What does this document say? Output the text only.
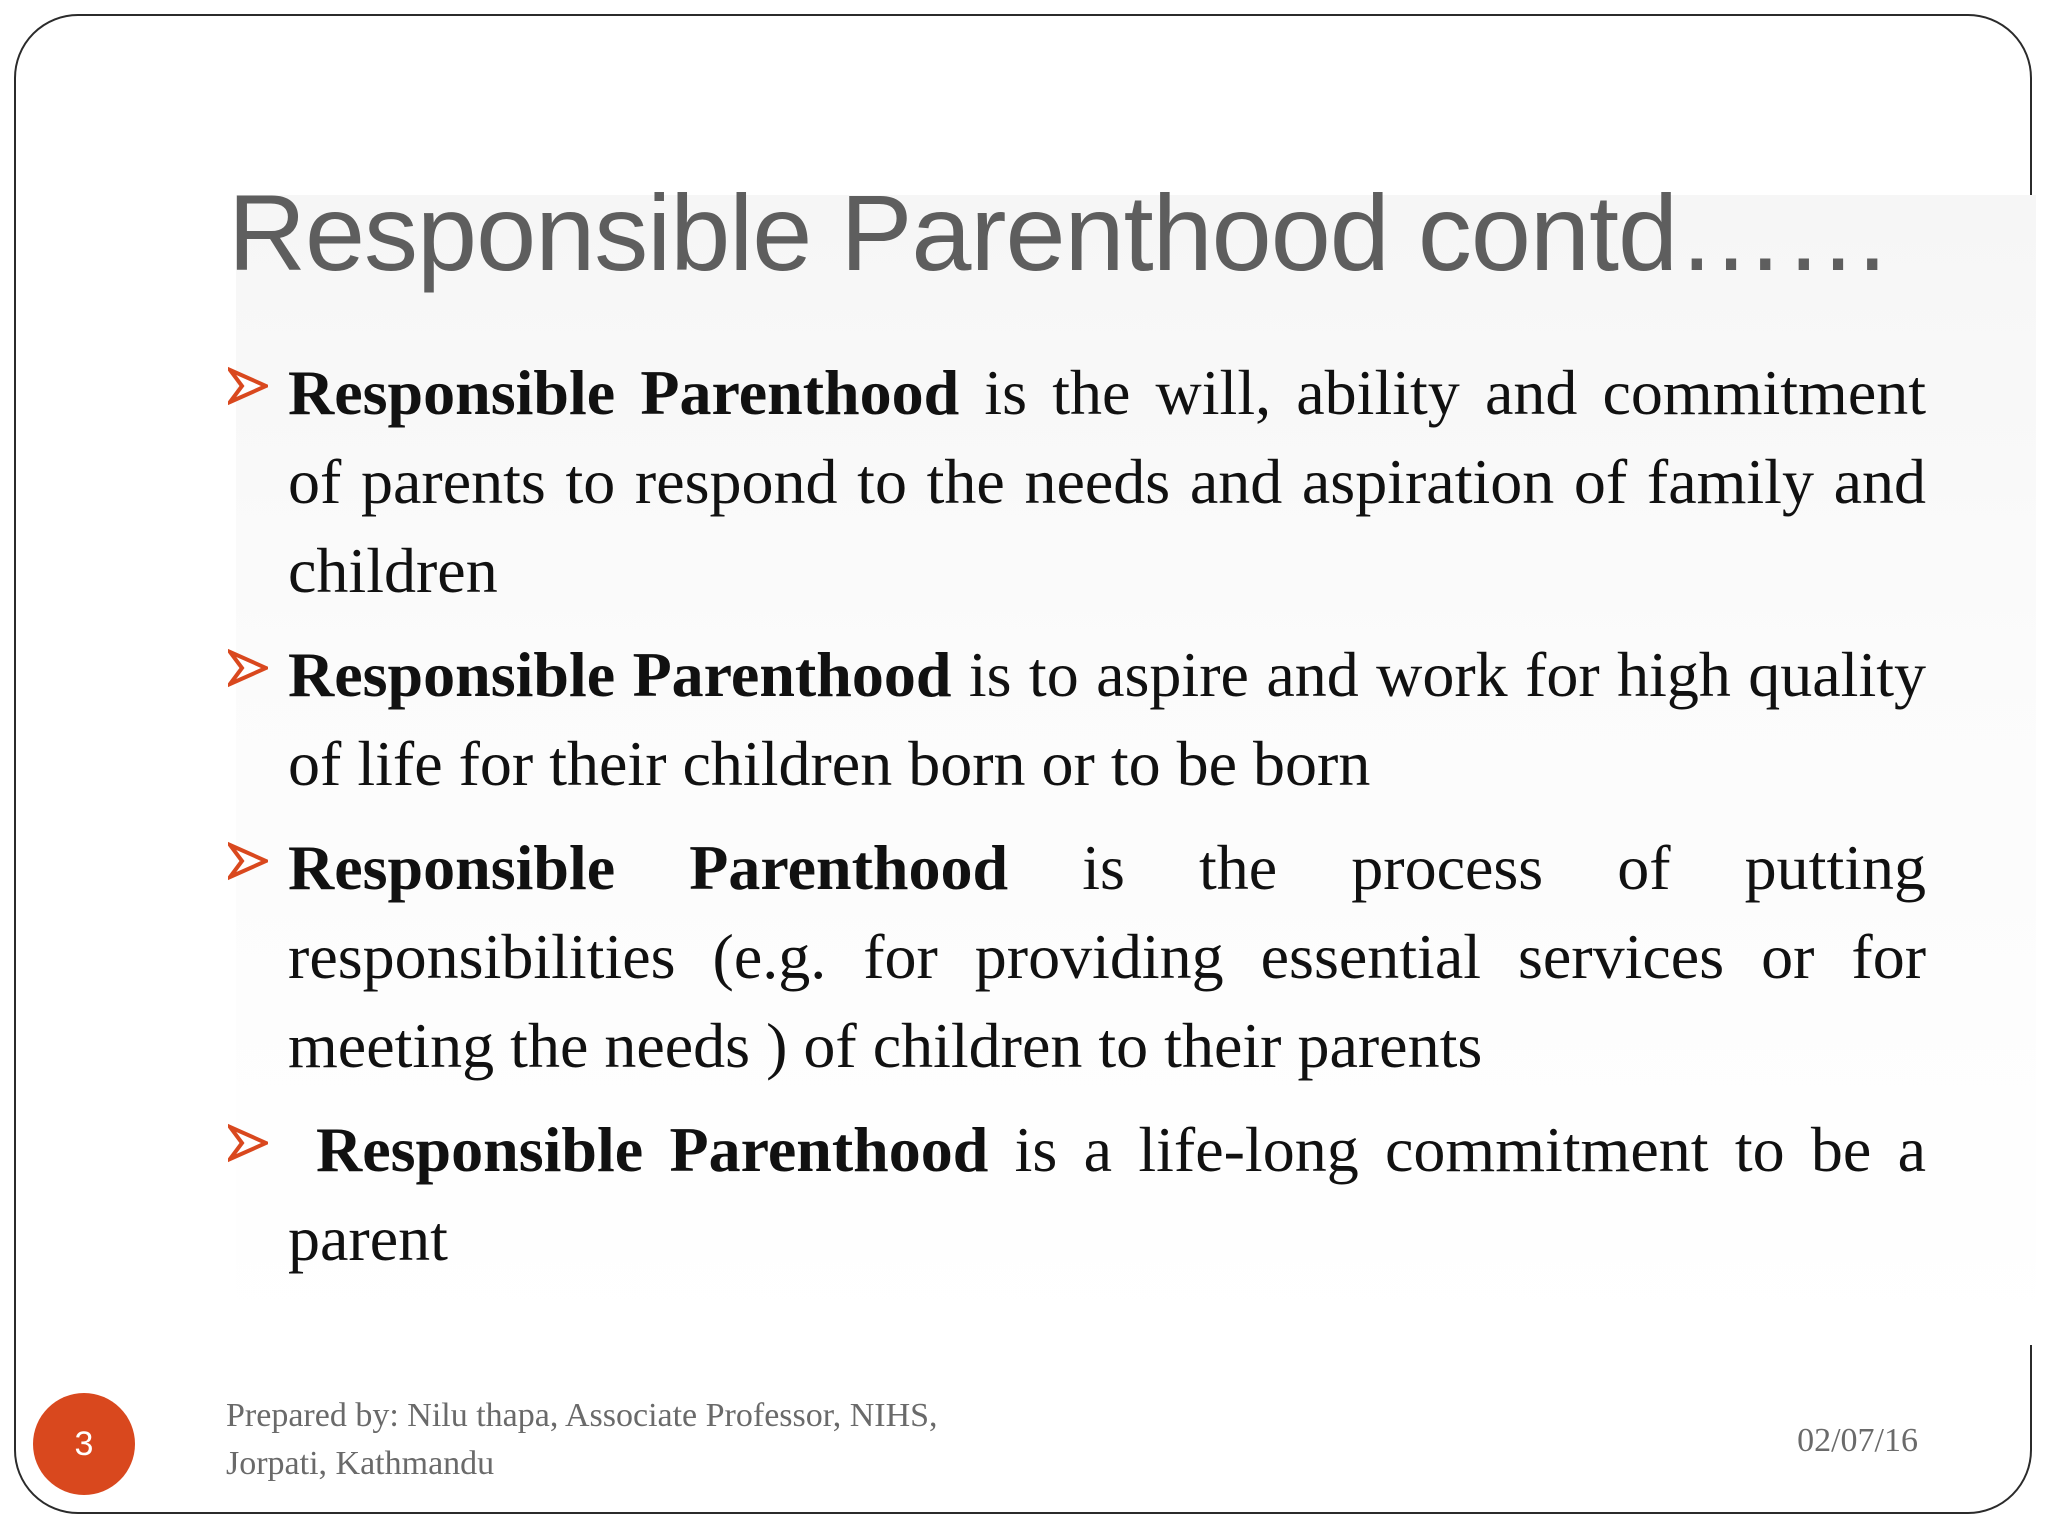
Responsible Parenthood contd……
Responsible Parenthood is the will, ability and commitment of parents to respond to the needs and aspiration of family and children
Responsible Parenthood is to aspire and work for high quality of life for their children born or to be born
Responsible Parenthood is the process of putting responsibilities (e.g. for providing essential services or for meeting the needs ) of children to their parents
Responsible Parenthood is a life-long commitment to be a parent
3
Prepared by: Nilu thapa, Associate Professor, NIHS,
Jorpati, Kathmandu
02/07/16
